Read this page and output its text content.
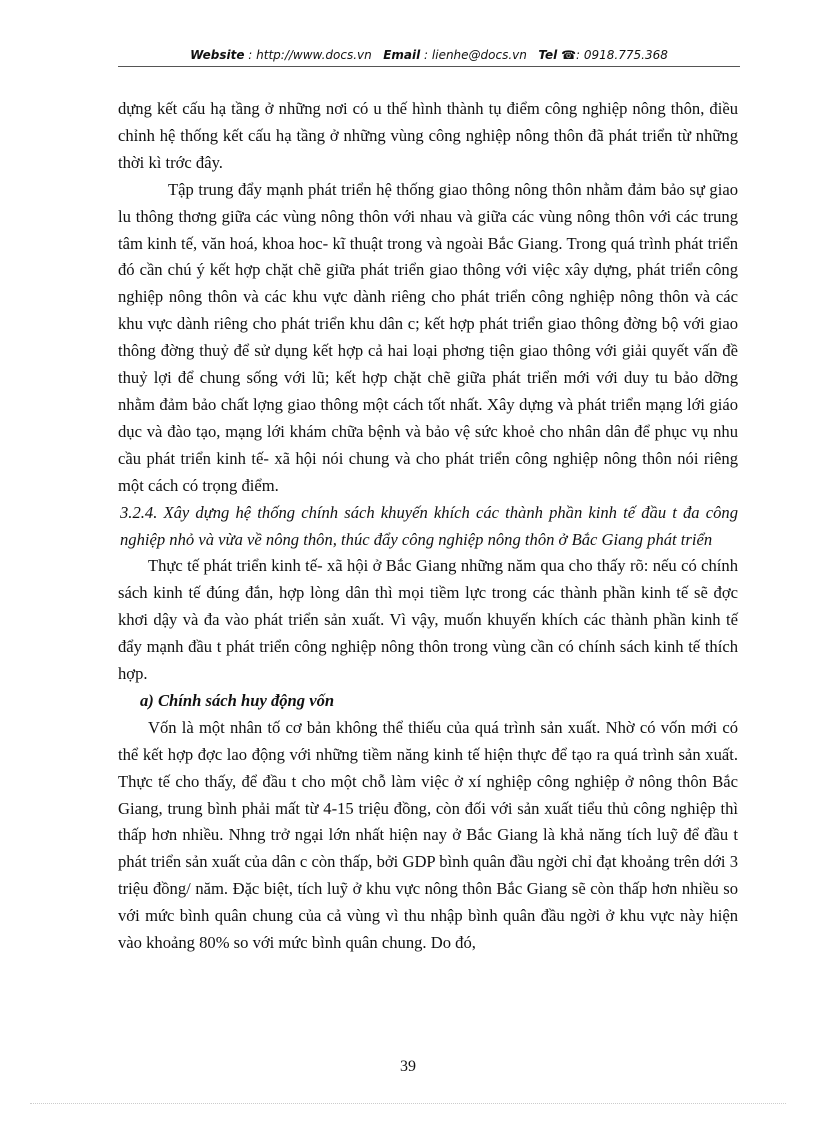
Website : http://www.docs.vn Email : lienhe@docs.vn Tel ☎: 0918.775.368

dựng kết cấu hạ tầng ở những nơi có u thế hình thành tụ điểm công nghiệp nông thôn, điều chỉnh hệ thống kết cấu hạ tầng ở những vùng công nghiệp nông thôn đã phát triển từ những thời kì trớc đây.

Tập trung đẩy mạnh phát triển hệ thống giao thông nông thôn nhằm đảm bảo sự giao lu thông thơng giữa các vùng nông thôn với nhau và giữa các vùng nông thôn với các trung tâm kinh tế, văn hoá, khoa hoc- kĩ thuật trong và ngoài Bắc Giang. Trong quá trình phát triển đó cần chú ý kết hợp chặt chẽ giữa phát triển giao thông với việc xây dựng, phát triển công nghiệp nông thôn và các khu vực dành riêng cho phát triển công nghiệp nông thôn và các khu vực dành riêng cho phát triển khu dân c; kết hợp phát triển giao thông đờng bộ với giao thông đờng thuỷ để sử dụng kết hợp cả hai loại phơng tiện giao thông với giải quyết vấn đề thuỷ lợi để chung sống với lũ; kết hợp chặt chẽ giữa phát triển mới với duy tu bảo dỡng nhằm đảm bảo chất lợng giao thông một cách tốt nhất. Xây dựng và phát triển mạng lới giáo dục và đào tạo, mạng lới khám chữa bệnh và bảo vệ sức khoẻ cho nhân dân để phục vụ nhu cầu phát triển kinh tế- xã hội nói chung và cho phát triển công nghiệp nông thôn nói riêng một cách có trọng điểm.

3.2.4. Xây dựng hệ thống chính sách khuyến khích các thành phần kinh tế đầu t đa công nghiệp nhỏ và vừa về nông thôn, thúc đẩy công nghiệp nông thôn ở Bắc Giang phát triển

Thực tế phát triển kinh tế- xã hội ở Bắc Giang những năm qua cho thấy rõ: nếu có chính sách kinh tế đúng đắn, hợp lòng dân thì mọi tiềm lực trong các thành phần kinh tế sẽ đợc khơi dậy và đa vào phát triển sản xuất. Vì vậy, muốn khuyến khích các thành phần kinh tế đẩy mạnh đầu t phát triển công nghiệp nông thôn trong vùng cần có chính sách kinh tế thích hợp.

a) Chính sách huy động vốn

Vốn là một nhân tố cơ bản không thể thiếu của quá trình sản xuất. Nhờ có vốn mới có thể kết hợp đợc lao động với những tiềm năng kinh tế hiện thực để tạo ra quá trình sản xuất. Thực tế cho thấy, để đầu t cho một chỗ làm việc ở xí nghiệp công nghiệp ở nông thôn Bắc Giang, trung bình phải mất từ 4-15 triệu đồng, còn đối với sản xuất tiểu thủ công nghiệp thì thấp hơn nhiều. Nhng trở ngại lớn nhất hiện nay ở Bắc Giang là khả năng tích luỹ để đầu t phát triển sản xuất của dân c còn thấp, bởi GDP bình quân đầu ngời chỉ đạt khoảng trên dới 3 triệu đồng/ năm. Đặc biệt, tích luỹ ở khu vực nông thôn Bắc Giang sẽ còn thấp hơn nhiều so với mức bình quân chung của cả vùng vì thu nhập bình quân đầu ngời ở khu vực này hiện vào khoảng 80% so với mức bình quân chung. Do đó,

39
